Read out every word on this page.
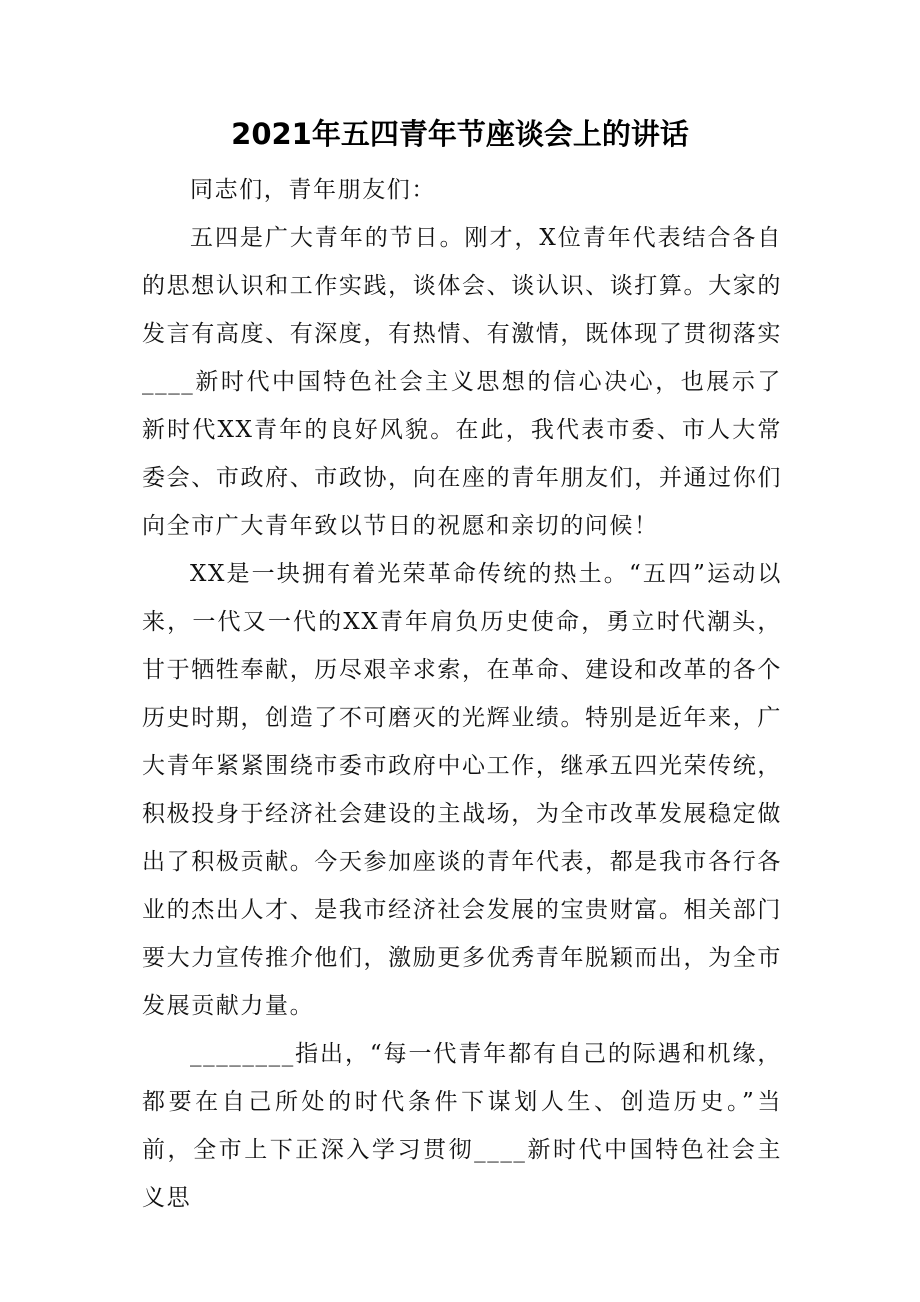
2021年五四青年节座谈会上的讲话

同志们，青年朋友们：

五四是广大青年的节日。刚才，X位青年代表结合各自的思想认识和工作实践，谈体会、谈认识、谈打算。大家的发言有高度、有深度，有热情、有激情，既体现了贯彻落实____新时代中国特色社会主义思想的信心决心，也展示了新时代XX青年的良好风貌。在此，我代表市委、市人大常委会、市政府、市政协，向在座的青年朋友们，并通过你们向全市广大青年致以节日的祝愿和亲切的问候！

XX是一块拥有着光荣革命传统的热土。“五四”运动以来，一代又一代的XX青年肩负历史使命，勇立时代潮头，甘于牺牲奉献，历尽艰辛求索，在革命、建设和改革的各个历史时期，创造了不可磨灭的光辉业绩。特别是近年来，广大青年紧紧围绕市委市政府中心工作，继承五四光荣传统，积极投身于经济社会建设的主战场，为全市改革发展稳定做出了积极贡献。今天参加座谈的青年代表，都是我市各行各业的杰出人才、是我市经济社会发展的宝贵财富。相关部门要大力宣传推介他们，激励更多优秀青年脱颖而出，为全市发展贡献力量。

________指出，“每一代青年都有自己的际遇和机缘，都要在自己所处的时代条件下谋划人生、创造历史。”当前，全市上下正深入学习贯彻____新时代中国特色社会主义思
